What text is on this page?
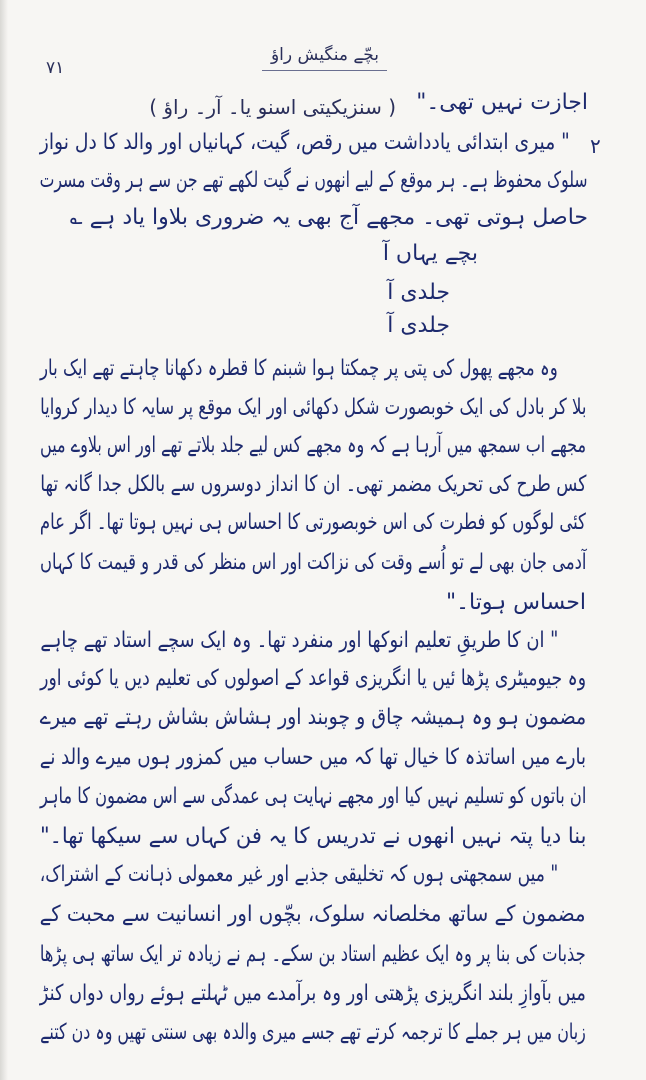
۷۱
بچّے منگیش راؤ
اجازت نہیں تھی۔"
( سنزیکیتی اسنو یا۔ آر۔ راؤ )
۲
" میری ابتدائی یادداشت میں رقص، گیت، کہانیاں اور والد کا دل نواز
سلوک محفوظ ہے۔ ہر موقع کے لیے انھوں نے گیت لکھے تھے جن سے ہر وقت مسرت
حاصل ہوتی تھی۔ مجھے آج بھی یہ ضروری بلاوا یاد ہے ؎
بچے یہاں آ
جلدی آ
جلدی آ
وہ مجھے پھول کی پتی پر چمکتا ہوا شبنم کا قطرہ دکھانا چاہتے تھے ایک بار
بلا کر بادل کی ایک خوبصورت شکل دکھائی اور ایک موقع پر سایہ کا دیدار کروایا
مجھے اب سمجھ میں آرہا ہے کہ وہ مجھے کس لیے جلد بلاتے تھے اور اس بلاوے میں
کس طرح کی تحریک مضمر تھی۔ ان کا انداز دوسروں سے بالکل جدا گانہ تھا
کئی لوگوں کو فطرت کی اس خوبصورتی کا احساس ہی نہیں ہوتا تھا۔ اگر عام
آدمی جان بھی لے تو اُسے وقت کی نزاکت اور اس منظر کی قدر و قیمت کا کہاں
احساس ہوتا۔"
" ان کا طریقِ تعلیم انوکھا اور منفرد تھا۔ وہ ایک سچے استاد تھے چاہے
وہ جیومیٹری پڑھا ئیں یا انگریزی قواعد کے اصولوں کی تعلیم دیں یا کوئی اور
مضمون ہو وہ ہمیشہ چاق و چوبند اور ہشاش بشاش رہتے تھے میرے
بارے میں اساتذہ کا خیال تھا کہ میں حساب میں کمزور ہوں میرے والد نے
ان باتوں کو تسلیم نہیں کیا اور مجھے نہایت ہی عمدگی سے اس مضمون کا ماہر
بنا دیا پتہ نہیں انھوں نے تدریس کا یہ فن کہاں سے سیکھا تھا۔"
" میں سمجھتی ہوں کہ تخلیقی جذبے اور غیر معمولی ذہانت کے اشتراک،
مضمون کے ساتھ مخلصانہ سلوک، بچّوں اور انسانیت سے محبت کے
جذبات کی بنا پر وہ ایک عظیم استاد بن سکے۔ ہم نے زیادہ تر ایک ساتھ ہی پڑھا
میں بآوازِ بلند انگریزی پڑھتی اور وہ برآمدے میں ٹہلتے ہوئے رواں دواں کنڑ
زبان میں ہر جملے کا ترجمہ کرتے تھے جسے میری والدہ بھی سنتی تھیں وہ دن کتنے
